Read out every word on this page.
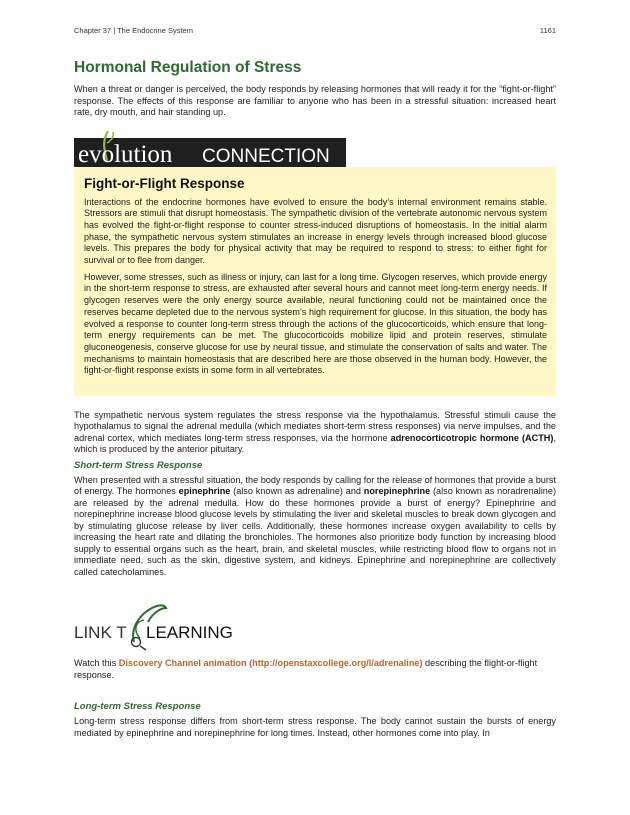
Chapter 37 | The Endocrine System	1161
Hormonal Regulation of Stress

When a threat or danger is perceived, the body responds by releasing hormones that will ready it for the “fight-or-flight” response. The effects of this response are familiar to anyone who has been in a stressful situation: increased heart rate, dry mouth, and hair standing up.

evolution CONNECTION
Fight-or-Flight Response

Interactions of the endocrine hormones have evolved to ensure the body’s internal environment remains stable. Stressors are stimuli that disrupt homeostasis. The sympathetic division of the vertebrate autonomic nervous system has evolved the fight-or-flight response to counter stress-induced disruptions of homeostasis. In the initial alarm phase, the sympathetic nervous system stimulates an increase in energy levels through increased blood glucose levels. This prepares the body for physical activity that may be required to respond to stress: to either fight for survival or to flee from danger.

However, some stresses, such as illness or injury, can last for a long time. Glycogen reserves, which provide energy in the short-term response to stress, are exhausted after several hours and cannot meet long-term energy needs. If glycogen reserves were the only energy source available, neural functioning could not be maintained once the reserves became depleted due to the nervous system’s high requirement for glucose. In this situation, the body has evolved a response to counter long-term stress through the actions of the glucocorticoids, which ensure that long-term energy requirements can be met. The glucocorticoids mobilize lipid and protein reserves, stimulate gluconeogenesis, conserve glucose for use by neural tissue, and stimulate the conservation of salts and water. The mechanisms to maintain homeostasis that are described here are those observed in the human body. However, the fight-or-flight response exists in some form in all vertebrates.

The sympathetic nervous system regulates the stress response via the hypothalamus. Stressful stimuli cause the hypothalamus to signal the adrenal medulla (which mediates short-term stress responses) via nerve impulses, and the adrenal cortex, which mediates long-term stress responses, via the hormone adrenocorticotropic hormone (ACTH), which is produced by the anterior pituitary.

Short-term Stress Response

When presented with a stressful situation, the body responds by calling for the release of hormones that provide a burst of energy. The hormones epinephrine (also known as adrenaline) and norepinephrine (also known as noradrenaline) are released by the adrenal medulla. How do these hormones provide a burst of energy? Epinephrine and norepinephrine increase blood glucose levels by stimulating the liver and skeletal muscles to break down glycogen and by stimulating glucose release by liver cells. Additionally, these hormones increase oxygen availability to cells by increasing the heart rate and dilating the bronchioles. The hormones also prioritize body function by increasing blood supply to essential organs such as the heart, brain, and skeletal muscles, while restricting blood flow to organs not in immediate need, such as the skin, digestive system, and kidneys. Epinephrine and norepinephrine are collectively called catecholamines.

LINK T LEARNING

Watch this Discovery Channel animation (http://openstaxcollege.org/l/adrenaline) describing the flight-or-flight response.

Long-term Stress Response

Long-term stress response differs from short-term stress response. The body cannot sustain the bursts of energy mediated by epinephrine and norepinephrine for long times. Instead, other hormones come into play. In
